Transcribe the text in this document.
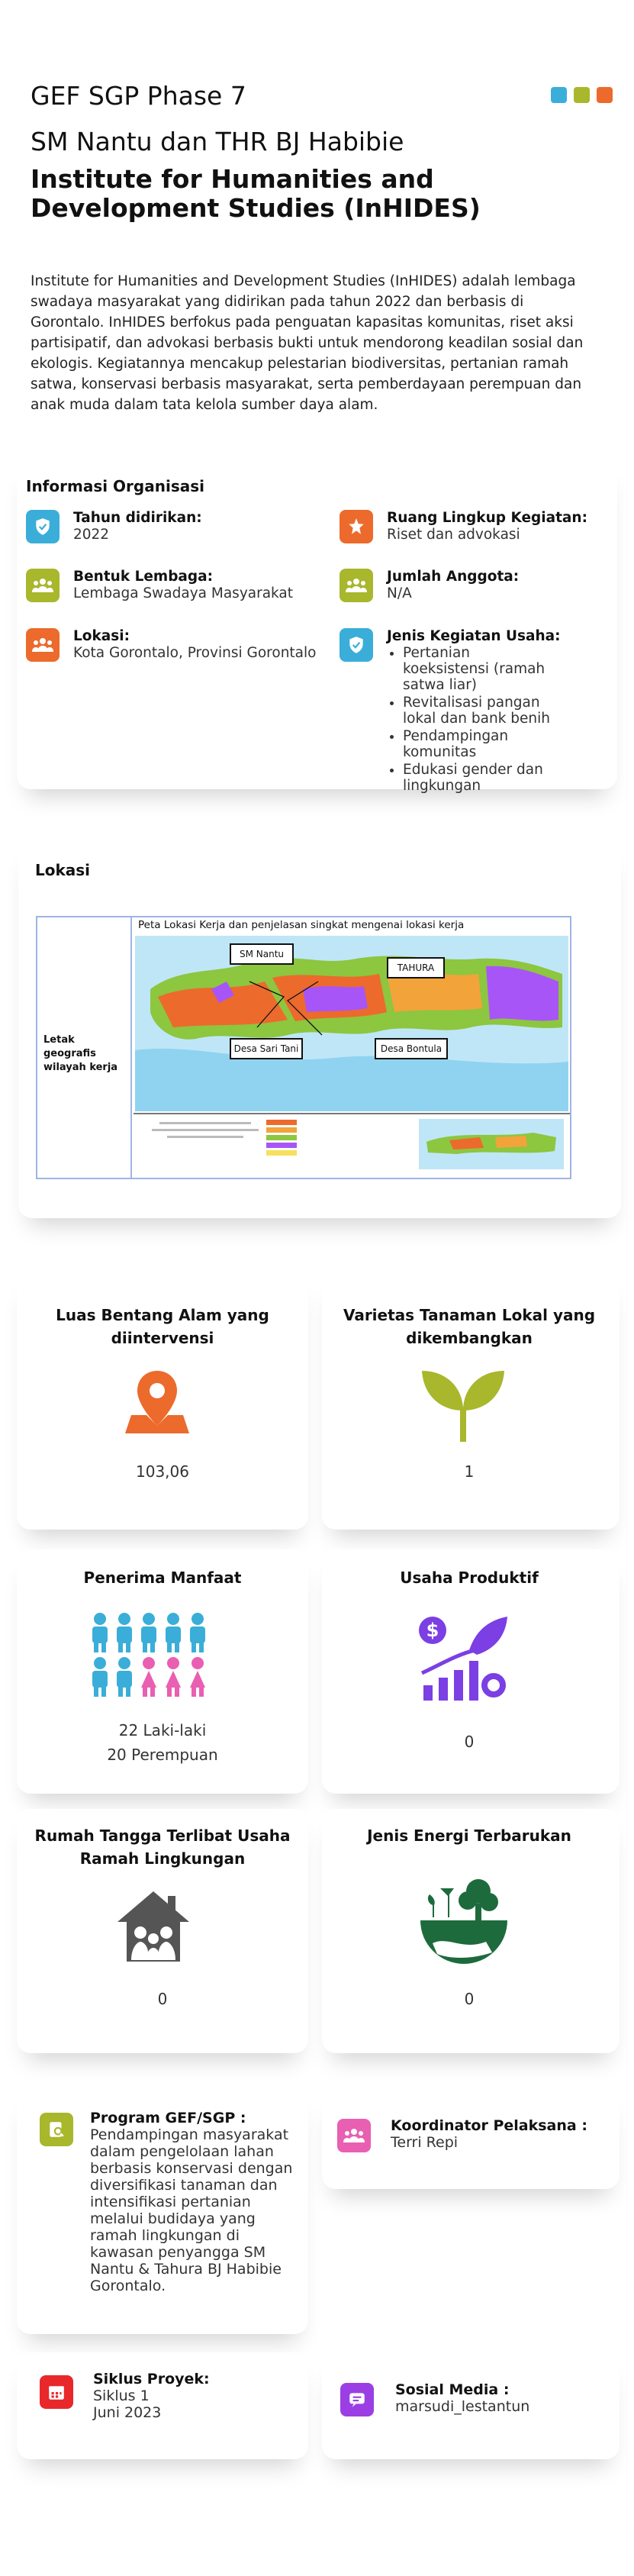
GEF SGP Phase 7
SM Nantu dan THR BJ Habibie
Institute for Humanities and Development Studies (InHIDES)
Institute for Humanities and Development Studies (InHIDES) adalah lembaga swadaya masyarakat yang didirikan pada tahun 2022 dan berbasis di Gorontalo. InHIDES berfokus pada penguatan kapasitas komunitas, riset aksi partisipatif, dan advokasi berbasis bukti untuk mendorong keadilan sosial dan ekologis. Kegiatannya mencakup pelestarian biodiversitas, pertanian ramah satwa, konservasi berbasis masyarakat, serta pemberdayaan perempuan dan anak muda dalam tata kelola sumber daya alam.
Informasi Organisasi
Tahun didirikan:
2022
Bentuk Lembaga:
Lembaga Swadaya Masyarakat
Lokasi:
Kota Gorontalo, Provinsi Gorontalo
Ruang Lingkup Kegiatan:
Riset dan advokasi
Jumlah Anggota:
N/A
Jenis Kegiatan Usaha:
• Pertanian koeksistensi (ramah satwa liar)
• Revitalisasi pangan lokal dan bank benih
• Pendampingan komunitas
• Edukasi gender dan lingkungan
Lokasi
Letak geografis wilayah kerja
Peta Lokasi Kerja dan penjelasan singkat mengenai lokasi kerja
SM Nantu
TAHURA
Desa Sari Tani	Desa Bontula
Luas Bentang Alam yang diintervensi
103,06
Varietas Tanaman Lokal yang dikembangkan
1
Penerima Manfaat
22 Laki-laki
20 Perempuan
Usaha Produktif
$
0
Rumah Tangga Terlibat Usaha Ramah Lingkungan
0
Jenis Energi Terbarukan
0
Program GEF/SGP :
Pendampingan masyarakat dalam pengelolaan lahan berbasis konservasi dengan diversifikasi tanaman dan intensifikasi pertanian melalui budidaya yang ramah lingkungan di kawasan penyangga SM Nantu & Tahura BJ Habibie Gorontalo.
Koordinator Pelaksana :
Terri Repi
Siklus Proyek:
Siklus 1
Juni 2023
Sosial Media :
marsudi_lestantun
